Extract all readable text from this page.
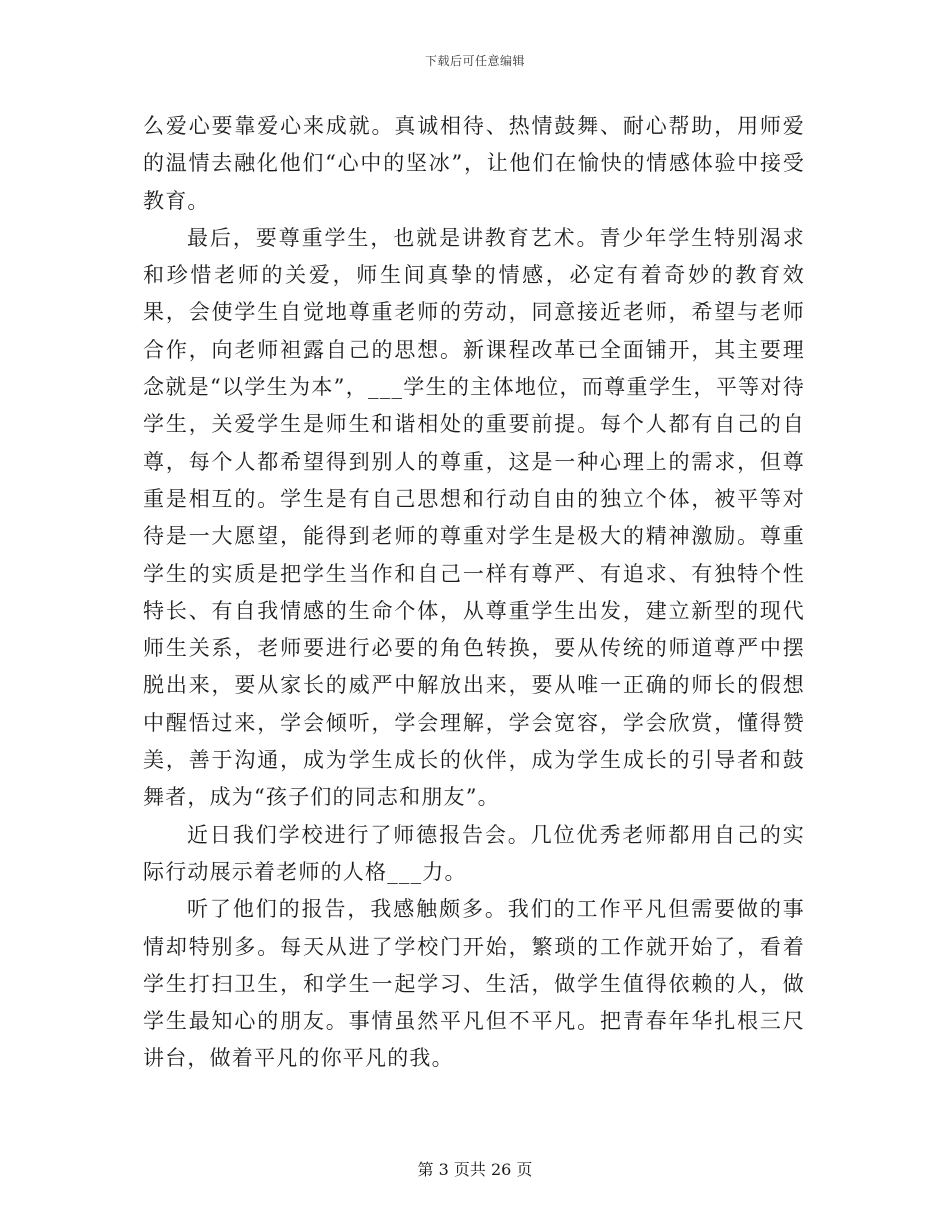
下载后可任意编辑

么爱心要靠爱心来成就。真诚相待、热情鼓舞、耐心帮助，用师爱的温情去融化他们“心中的坚冰”，让他们在愉快的情感体验中接受教育。

最后，要尊重学生，也就是讲教育艺术。青少年学生特别渴求和珍惜老师的关爱，师生间真挚的情感，必定有着奇妙的教育效果，会使学生自觉地尊重老师的劳动，同意接近老师，希望与老师合作，向老师袒露自己的思想。新课程改革已全面铺开，其主要理念就是“以学生为本”，___学生的主体地位，而尊重学生，平等对待学生，关爱学生是师生和谐相处的重要前提。每个人都有自己的自尊，每个人都希望得到别人的尊重，这是一种心理上的需求，但尊重是相互的。学生是有自己思想和行动自由的独立个体，被平等对待是一大愿望，能得到老师的尊重对学生是极大的精神激励。尊重学生的实质是把学生当作和自己一样有尊严、有追求、有独特个性特长、有自我情感的生命个体，从尊重学生出发，建立新型的现代师生关系，老师要进行必要的角色转换，要从传统的师道尊严中摆脱出来，要从家长的威严中解放出来，要从唯一正确的师长的假想中醒悟过来，学会倾听，学会理解，学会宽容，学会欣赏，懂得赞美，善于沟通，成为学生成长的伙伴，成为学生成长的引导者和鼓舞者，成为“孩子们的同志和朋友”。

近日我们学校进行了师德报告会。几位优秀老师都用自己的实际行动展示着老师的人格___力。

听了他们的报告，我感触颇多。我们的工作平凡但需要做的事情却特别多。每天从进了学校门开始，繁琐的工作就开始了，看着学生打扫卫生，和学生一起学习、生活，做学生值得依赖的人，做学生最知心的朋友。事情虽然平凡但不平凡。把青春年华扎根三尺讲台，做着平凡的你平凡的我。

第 3 页共 26 页
